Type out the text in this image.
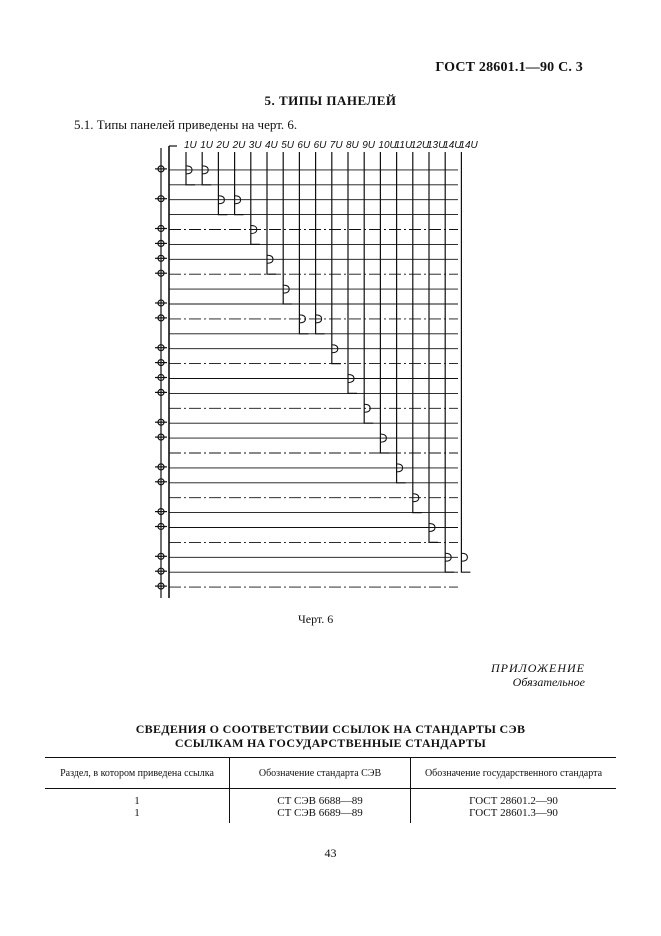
ГОСТ 28601.1—90 С. 3
5. ТИПЫ ПАНЕЛЕЙ
5.1. Типы панелей приведены на черт. 6.
1U 1U 2U 2U 3U 4U 5U 6U 6U 7U 8U 9U 10U
11U
12U
13U
14U
14U
Черт. 6
ПРИЛОЖЕНИЕ
Обязательное
СВЕДЕНИЯ О СООТВЕТСТВИИ ССЫЛОК НА СТАНДАРТЫ СЭВ
ССЫЛКАМ НА ГОСУДАРСТВЕННЫЕ СТАНДАРТЫ
Раздел, в котором приведена ссылка	Обозначение стандарта СЭВ	Обозначение государственного стандарта
1	СТ СЭВ 6688—89	ГОСТ 28601.2—90
1	СТ СЭВ 6689—89	ГОСТ 28601.3—90
43
